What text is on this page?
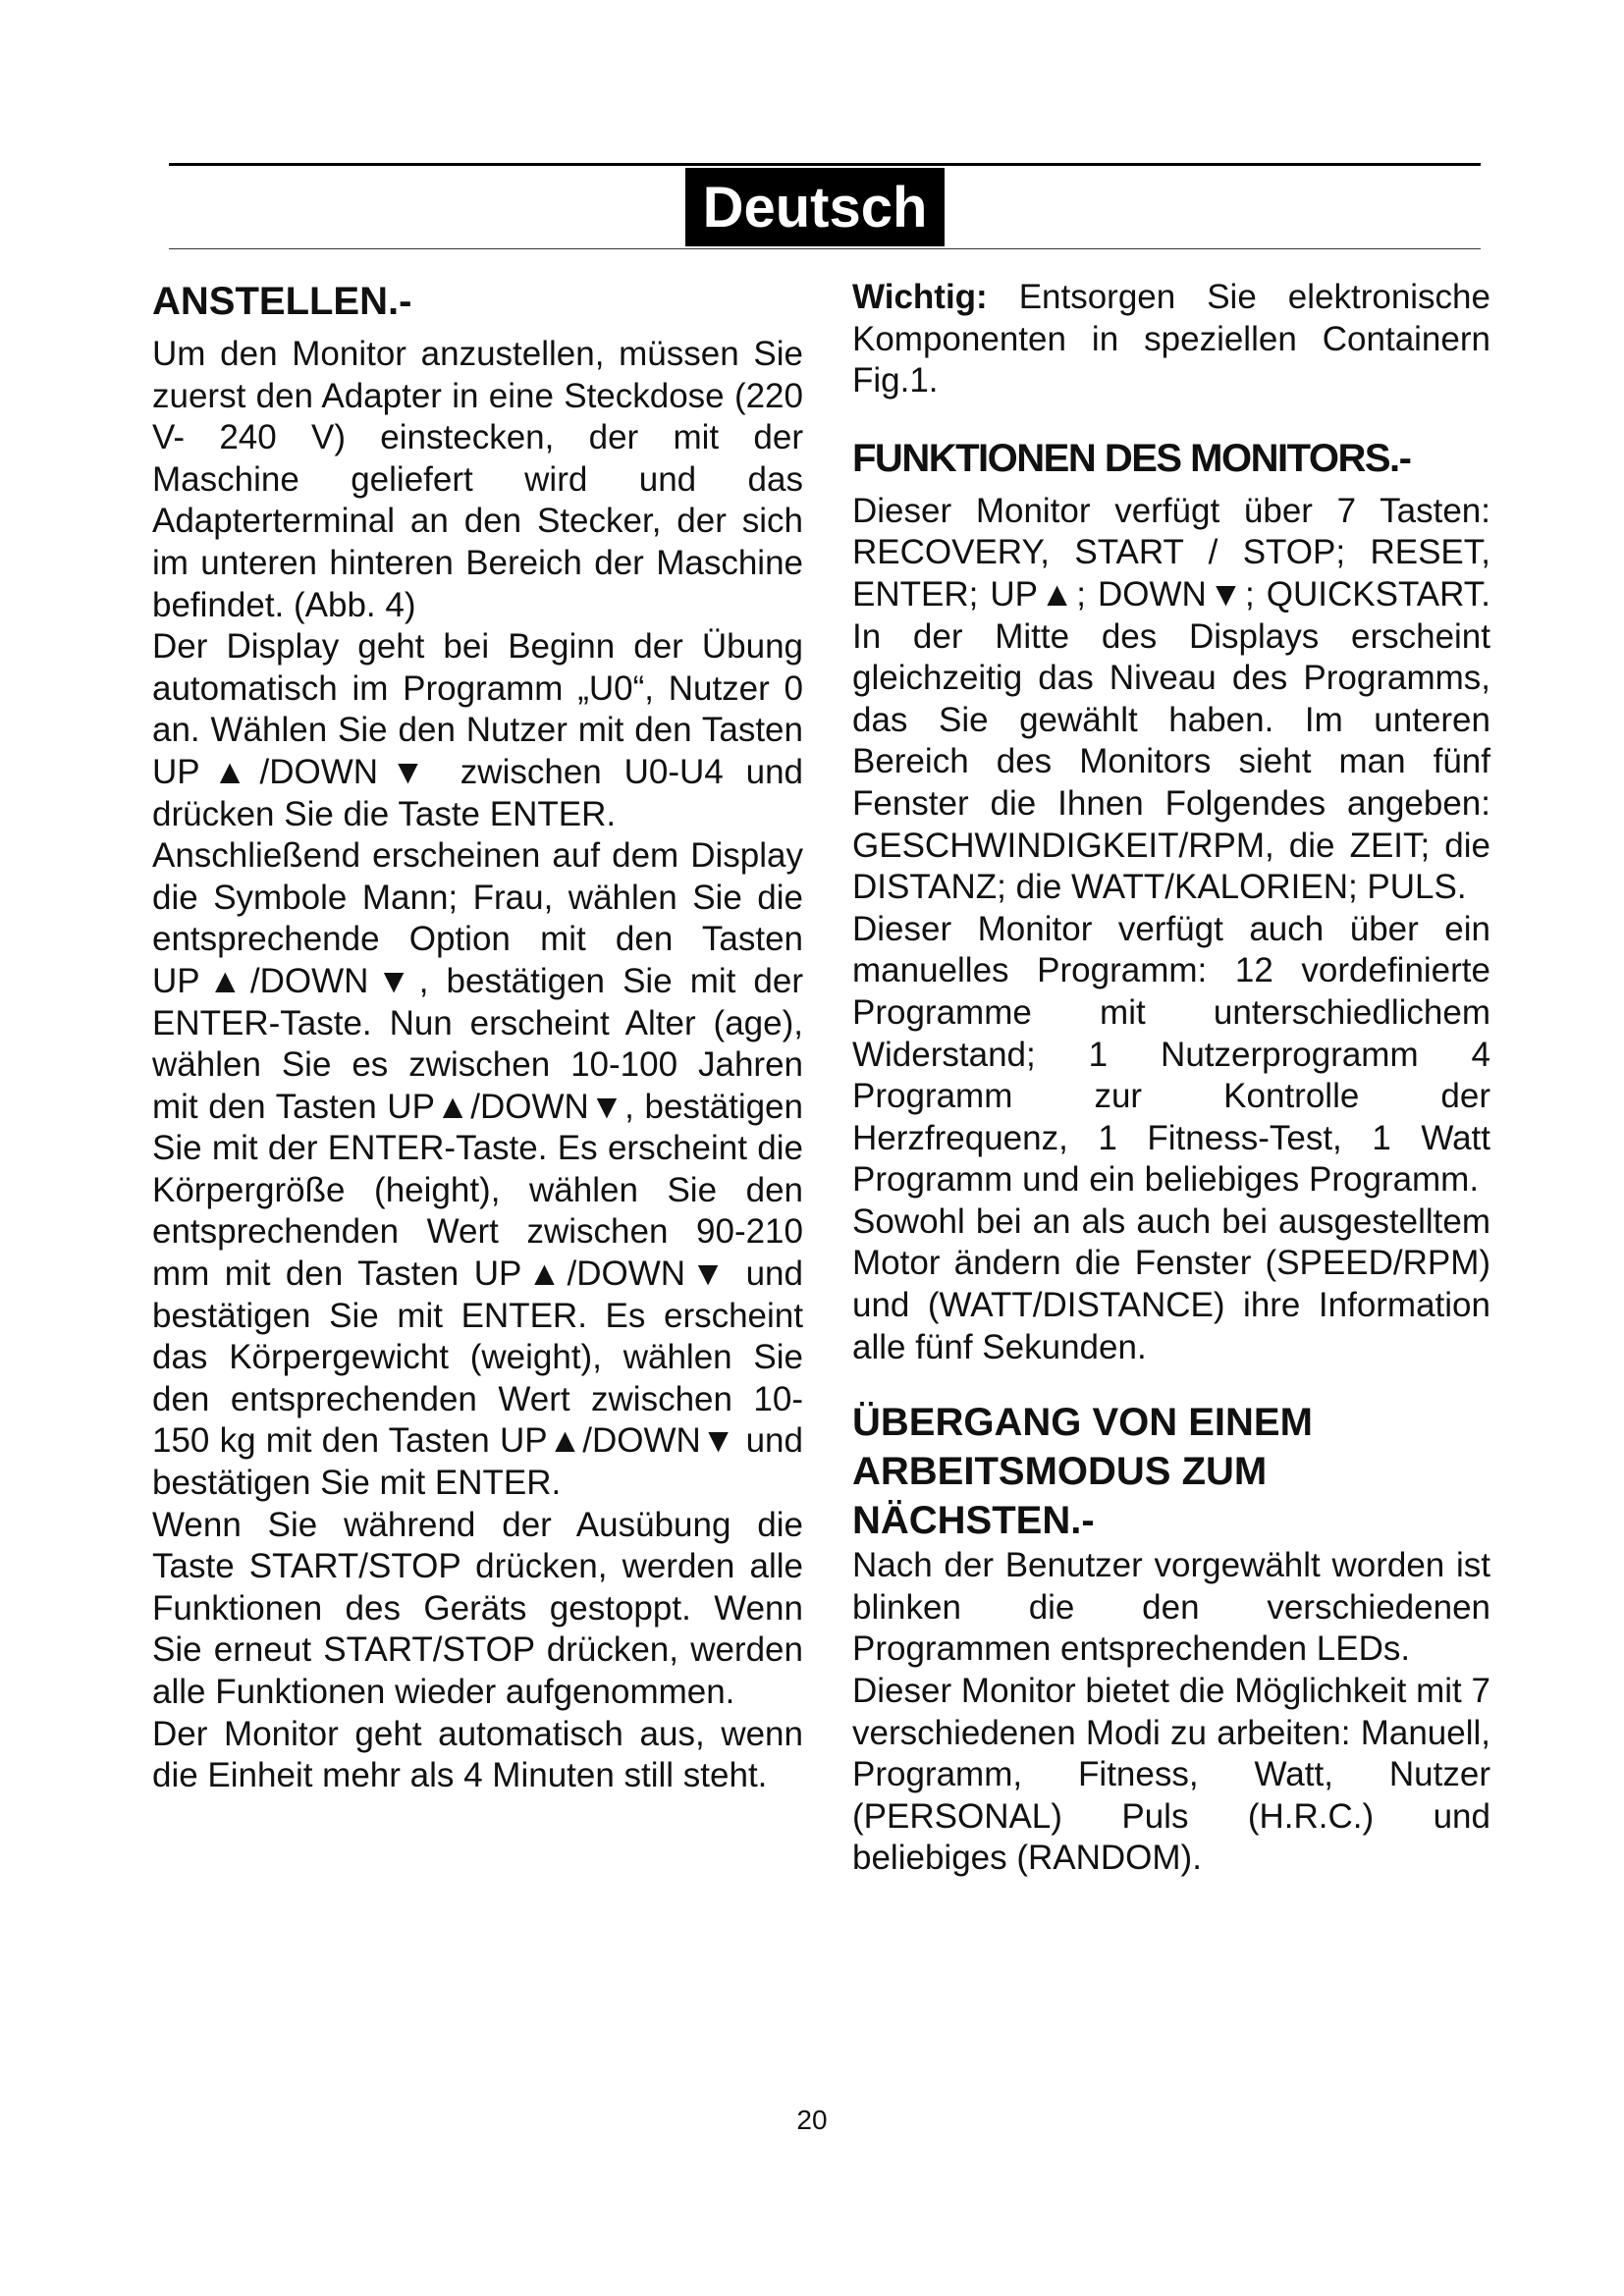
Deutsch
ANSTELLEN.-

Um den Monitor anzustellen, müssen Sie zuerst den Adapter in eine Steckdose (220 V- 240 V) einstecken, der mit der Maschine geliefert wird und das Adapterterminal an den Stecker, der sich im unteren hinteren Bereich der Maschine befindet. (Abb. 4)

Der Display geht bei Beginn der Übung automatisch im Programm „U0“, Nutzer 0 an. Wählen Sie den Nutzer mit den Tasten UP▲/DOWN▼ zwischen U0-U4 und drücken Sie die Taste ENTER.

Anschließend erscheinen auf dem Display die Symbole Mann; Frau, wählen Sie die entsprechende Option mit den Tasten UP▲/DOWN▼, bestätigen Sie mit der ENTER-Taste. Nun erscheint Alter (age), wählen Sie es zwischen 10-100 Jahren mit den Tasten UP▲/DOWN▼, bestätigen Sie mit der ENTER-Taste. Es erscheint die Körpergröße (height), wählen Sie den entsprechenden Wert zwischen 90-210 mm mit den Tasten UP▲/DOWN▼ und bestätigen Sie mit ENTER. Es erscheint das Körpergewicht (weight), wählen Sie den entsprechenden Wert zwischen 10-150 kg mit den Tasten UP▲/DOWN▼ und bestätigen Sie mit ENTER.

Wenn Sie während der Ausübung die Taste START/STOP drücken, werden alle Funktionen des Geräts gestoppt. Wenn Sie erneut START/STOP drücken, werden alle Funktionen wieder aufgenommen.

Der Monitor geht automatisch aus, wenn die Einheit mehr als 4 Minuten still steht.

Wichtig: Entsorgen Sie elektronische Komponenten in speziellen Containern Fig.1.

FUNKTIONEN DES MONITORS.-

Dieser Monitor verfügt über 7 Tasten: RECOVERY, START / STOP; RESET, ENTER; UP▲; DOWN▼; QUICKSTART. In der Mitte des Displays erscheint gleichzeitig das Niveau des Programms, das Sie gewählt haben. Im unteren Bereich des Monitors sieht man fünf Fenster die Ihnen Folgendes angeben: GESCHWINDIGKEIT/RPM, die ZEIT; die DISTANZ; die WATT/KALORIEN; PULS.

Dieser Monitor verfügt auch über ein manuelles Programm: 12 vordefinierte Programme mit unterschiedlichem Widerstand; 1 Nutzerprogramm 4 Programm zur Kontrolle der Herzfrequenz, 1 Fitness-Test, 1 Watt Programm und ein beliebiges Programm.

Sowohl bei an als auch bei ausgestelltem Motor ändern die Fenster (SPEED/RPM) und (WATT/DISTANCE) ihre Information alle fünf Sekunden.

ÜBERGANG VON EINEM
ARBEITSMODUS ZUM
NÄCHSTEN.-

Nach der Benutzer vorgewählt worden ist blinken die den verschiedenen Programmen entsprechenden LEDs.

Dieser Monitor bietet die Möglichkeit mit 7 verschiedenen Modi zu arbeiten: Manuell, Programm, Fitness, Watt, Nutzer (PERSONAL) Puls (H.R.C.) und beliebiges (RANDOM).

20
